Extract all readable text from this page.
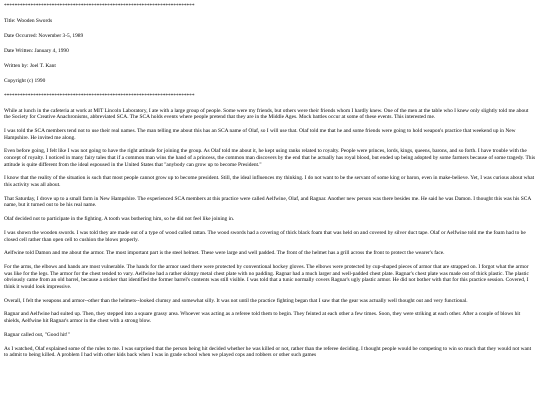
************************************************************************
Title: Wooden Swords
Date Occurred: November 3-5, 1989
Date Written: January 4, 1990
Written by: Joel T. Kant
Copyright (c) 1990
************************************************************************
While at lunch in the cafeteria at work at MIT Lincoln Laboratory, I ate with a large group of people. Some were my friends, but others were their friends whom I hardly knew. One of the men at the table who I knew only slightly told me about the Society for Creative Anachronisms, abbreviated SCA. The SCA holds events where people pretend that they are in the Middle Ages. Mock battles occur at some of these events. This interested me.
I was told the SCA members tend not to use their real names. The man telling me about this has an SCA name of Olaf, so I will use that. Olaf told me that he and some friends were going to hold weapon's practice that weekend up in New Hampshire. He invited me along.
Even before going, I felt like I was not going to have the right attitude for joining the group. As Olaf told me about it, he kept using ranks related to royalty. People were princes, lords, kings, queens, barons, and so forth. I have trouble with the concept of royalty. I noticed in many fairy tales that if a common man wins the hand of a princess, the common man discovers by the end that he actually has royal blood, but ended up being adopted by some farmers because of some tragedy. This attitude is quite different from the ideal espoused in the United States that "anybody can grow up to become President."
I know that the reality of the situation is such that most people cannot grow up to become president. Still, the ideal influences my thinking. I do not want to be the servant of some king or baron, even in make-believe. Yet, I was curious about what this activity was all about.
That Saturday, I drove up to a small farm in New Hampshire. The experienced SCA members at this practice were called Aelfwine, Olaf, and Ragnar. Another new person was there besides me. He said he was Damon. I thought this was his SCA name, but it turned out to be his real name.
Olaf decided not to participate in the fighting. A tooth was bothering him, so he did not feel like joining in.
I was shown the wooden swords. I was told they are made out of a type of wood called rattan. The wood swords had a covering of thick black foam that was held on and covered by silver duct tape. Olaf or Aelfwine told me the foam had to be closed cell rather than open cell to cushion the blows properly.
Aelfwine told Damon and me about the armor. The most important part is the steel helmet. These were large and well padded. The front of the helmet has a grill across the front to protect the wearer's face.
For the arms, the elbows and hands are most vulnerable. The hands for the armor used there were protected by conventional hockey gloves. The elbows were protected by cup-shaped pieces of armor that are strapped on. I forgot what the armor was like for the legs. The armor for the chest tended to vary. Aelfwine had a rather skimpy metal chest plate with no padding. Ragnar had a much larger and well-padded chest plate. Ragnar's chest plate was made out of thick plastic. The plastic obviously came from an old barrel, because a sticker that identified the former barrel's contents was still visible. I was told that a tunic normally covers Ragnar's ugly plastic armor. He did not bother with that for this practice session. Covered, I think it would look impressive.
Overall, I felt the weapons and armor--other than the helmets--looked clumsy and somewhat silly. It was not until the practice fighting began that I saw that the gear was actually well thought out and very functional.
Ragnar and Aelfwine had suited up. Then, they stepped into a square grassy area. Whoever was acting as a referee told them to begin. They feinted at each other a few times. Soon, they were striking at each other. After a couple of blows hit shields, Aelfwine hit Ragnar's armor in the chest with a strong blow.
Ragnar called out, "Good hit!"
As I watched, Olaf explained some of the rules to me. I was surprised that the person being hit decided whether he was killed or not, rather than the referee deciding. I thought people would be competing to win so much that they would not want to admit to being killed. A problem I had with other kids back when I was in grade school when we played cops and robbers or other such games
